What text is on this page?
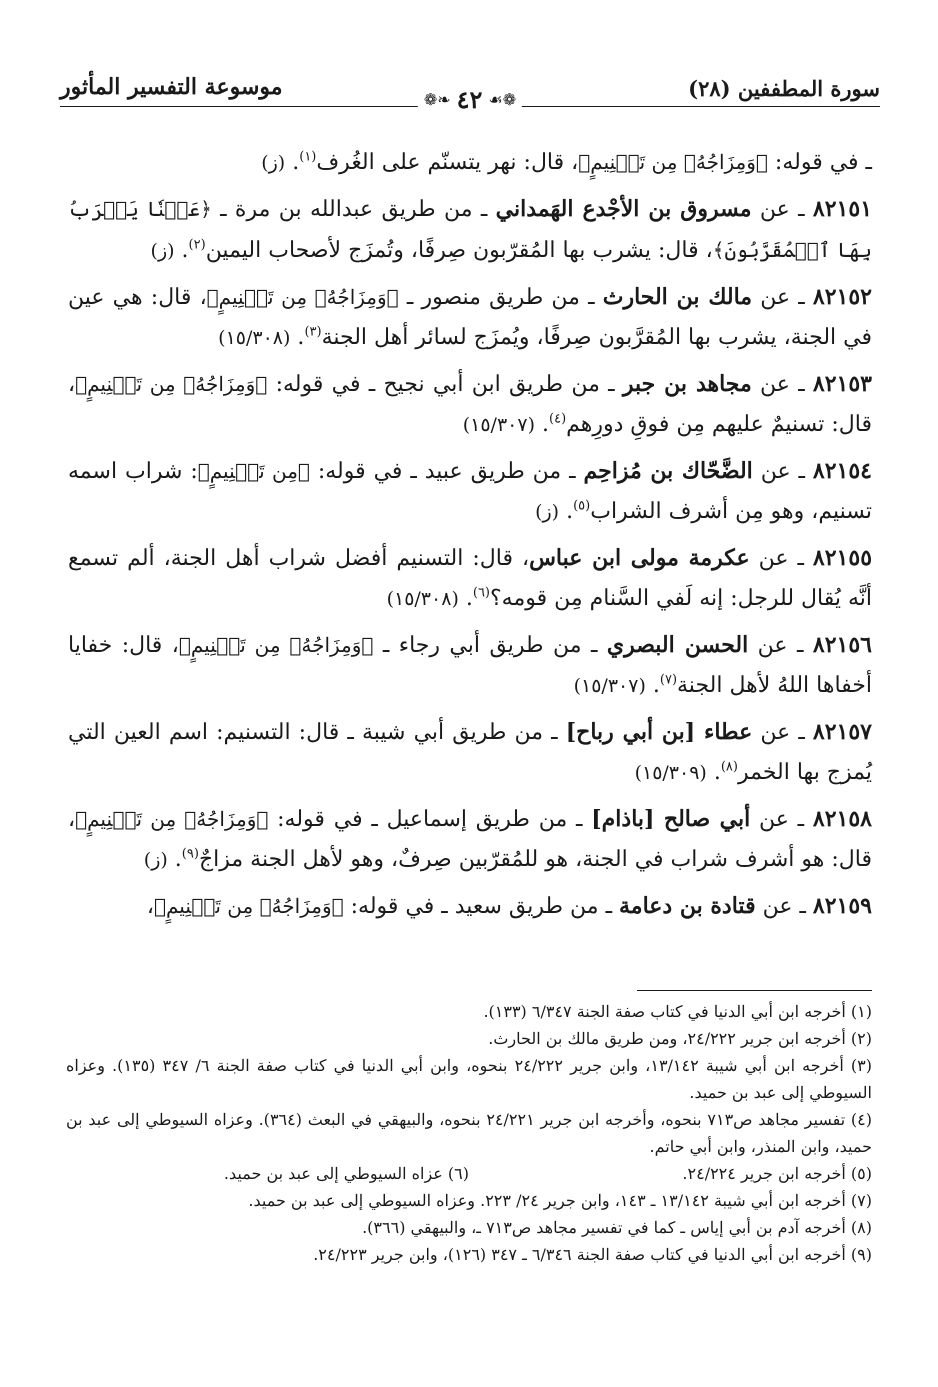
سورة المطففين (٢٨)
موسوعة التفسير المأثور	❁❧ ٤٢ ☙❁

ـ في قوله: ﴿وَمِزَاجُهُۥ مِن تَسۡنِيمٍ﴾، قال: نهر يتسنّم على الغُرف$^{(١)}$. (ز)

٨٢١٥١ ـ عن مسروق بن الأجْدع الهَمداني ـ من طريق عبدالله بن مرة ـ ﴿عَيۡنٗا يَشۡرَبُ بِهَا ٱلۡمُقَرَّبُونَ﴾، قال: يشرب بها المُقرّبون صِرفًا، وتُمزَج لأصحاب اليمين$^{(٢)}$. (ز)

٨٢١٥٢ ـ عن مالك بن الحارث ـ من طريق منصور ـ ﴿وَمِزَاجُهُۥ مِن تَسۡنِيمٍ﴾، قال: هي عين في الجنة، يشرب بها المُقرَّبون صِرفًا، ويُمزَج لسائر أهل الجنة$^{(٣)}$. (١٥/٣٠٨)

٨٢١٥٣ ـ عن مجاهد بن جبر ـ من طريق ابن أبي نجيح ـ في قوله: ﴿وَمِزَاجُهُۥ مِن تَسۡنِيمٍ﴾، قال: تسنيمٌ عليهم مِن فوقِ دورِهم$^{(٤)}$. (١٥/٣٠٧)

٨٢١٥٤ ـ عن الضَّحّاك بن مُزاحِم ـ من طريق عبيد ـ في قوله: ﴿مِن تَسۡنِيمٍ﴾: شراب اسمه تسنيم، وهو مِن أشرف الشراب$^{(٥)}$. (ز)

٨٢١٥٥ ـ عن عكرمة مولى ابن عباس، قال: التسنيم أفضل شراب أهل الجنة، ألم تسمع أنَّه يُقال للرجل: إنه لَفي السَّنام مِن قومه؟$^{(٦)}$. (١٥/٣٠٨)

٨٢١٥٦ ـ عن الحسن البصري ـ من طريق أبي رجاء ـ ﴿وَمِزَاجُهُۥ مِن تَسۡنِيمٍ﴾، قال: خفايا أخفاها اللهُ لأهل الجنة$^{(٧)}$. (١٥/٣٠٧)

٨٢١٥٧ ـ عن عطاء [بن أبي رباح] ـ من طريق أبي شيبة ـ قال: التسنيم: اسم العين التي يُمزج بها الخمر$^{(٨)}$. (١٥/٣٠٩)

٨٢١٥٨ ـ عن أبي صالح [باذام] ـ من طريق إسماعيل ـ في قوله: ﴿وَمِزَاجُهُۥ مِن تَسۡنِيمٍ﴾، قال: هو أشرف شراب في الجنة، هو للمُقرّبين صِرفٌ، وهو لأهل الجنة مزاجٌ$^{(٩)}$. (ز)

٨٢١٥٩ ـ عن قتادة بن دعامة ـ من طريق سعيد ـ في قوله: ﴿وَمِزَاجُهُۥ مِن تَسۡنِيمٍ﴾،

(١) أخرجه ابن أبي الدنيا في كتاب صفة الجنة ٦/٣٤٧ (١٣٣).

(٢) أخرجه ابن جرير ٢٤/٢٢٢، ومن طريق مالك بن الحارث.

(٣) أخرجه ابن أبي شيبة ١٣/١٤٢، وابن جرير ٢٤/٢٢٢ بنحوه، وابن أبي الدنيا في كتاب صفة الجنة ٦/ ٣٤٧ (١٣٥). وعزاه السيوطي إلى عبد بن حميد.

(٤) تفسير مجاهد ص٧١٣ بنحوه، وأخرجه ابن جرير ٢٤/٢٢١ بنحوه، والبيهقي في البعث (٣٦٤). وعزاه السيوطي إلى عبد بن حميد، وابن المنذر، وابن أبي حاتم.

(٥) أخرجه ابن جرير ٢٤/٢٢٤.

(٦) عزاه السيوطي إلى عبد بن حميد.

(٧) أخرجه ابن أبي شيبة ١٣/١٤٢ ـ ١٤٣، وابن جرير ٢٤/ ٢٢٣. وعزاه السيوطي إلى عبد بن حميد.

(٨) أخرجه آدم بن أبي إياس ـ كما في تفسير مجاهد ص٧١٣ ـ، والبيهقي (٣٦٦).

(٩) أخرجه ابن أبي الدنيا في كتاب صفة الجنة ٦/٣٤٦ ـ ٣٤٧ (١٢٦)، وابن جرير ٢٤/٢٢٣.
